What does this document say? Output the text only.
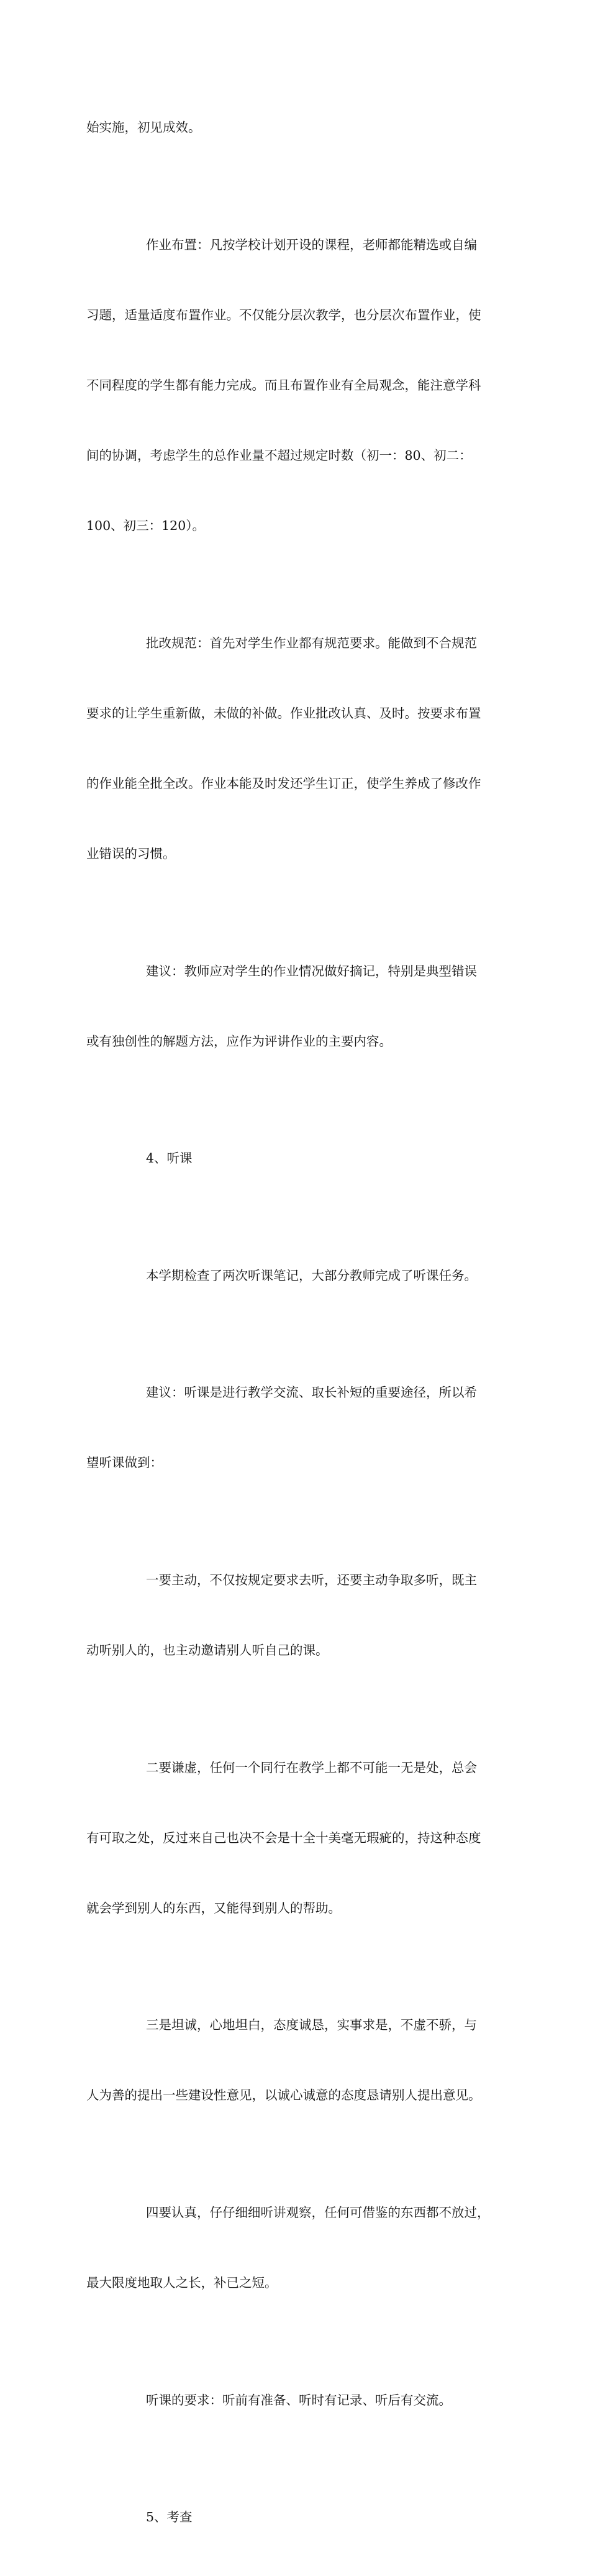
始实施，初见成效。

作业布置：凡按学校计划开设的课程，老师都能精选或自编

习题，适量适度布置作业。不仅能分层次教学，也分层次布置作业，使

不同程度的学生都有能力完成。而且布置作业有全局观念，能注意学科

间的协调，考虑学生的总作业量不超过规定时数（初一：80、初二：

100、初三：120）。

批改规范：首先对学生作业都有规范要求。能做到不合规范

要求的让学生重新做，未做的补做。作业批改认真、及时。按要求布置

的作业能全批全改。作业本能及时发还学生订正，使学生养成了修改作

业错误的习惯。

建议：教师应对学生的作业情况做好摘记，特别是典型错误

或有独创性的解题方法，应作为评讲作业的主要内容。

4、听课

本学期检查了两次听课笔记，大部分教师完成了听课任务。

建议：听课是进行教学交流、取长补短的重要途径，所以希

望听课做到：

一要主动，不仅按规定要求去听，还要主动争取多听，既主

动听别人的，也主动邀请别人听自己的课。

二要谦虚，任何一个同行在教学上都不可能一无是处，总会

有可取之处，反过来自己也决不会是十全十美毫无瑕疵的，持这种态度

就会学到别人的东西，又能得到别人的帮助。

三是坦诚，心地坦白，态度诚恳，实事求是，不虚不骄，与

人为善的提出一些建设性意见，以诚心诚意的态度恳请别人提出意见。

四要认真，仔仔细细听讲观察，任何可借鉴的东西都不放过，

最大限度地取人之长，补已之短。

听课的要求：听前有准备、听时有记录、听后有交流。

5、考查
